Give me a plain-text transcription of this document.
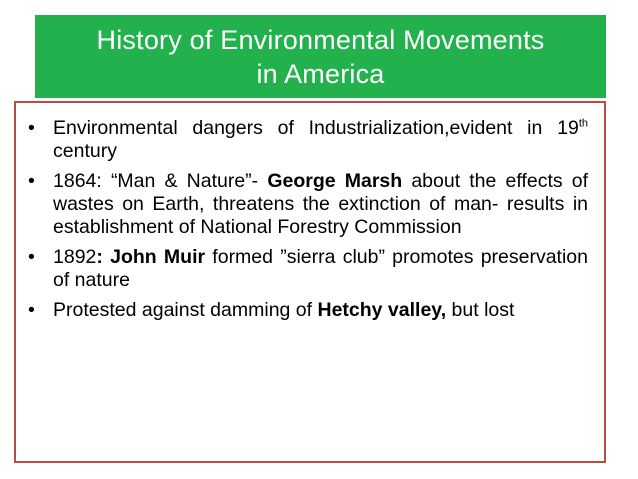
History of Environmental Movements
in America
• Environmental dangers of Industrialization,evident in 19th century
• 1864: “Man & Nature”- George Marsh about the effects of wastes on Earth, threatens the extinction of man- results in establishment of National Forestry Commission
• 1892: John Muir formed ”sierra club” promotes preservation of nature
• Protested against damming of Hetchy valley, but lost
